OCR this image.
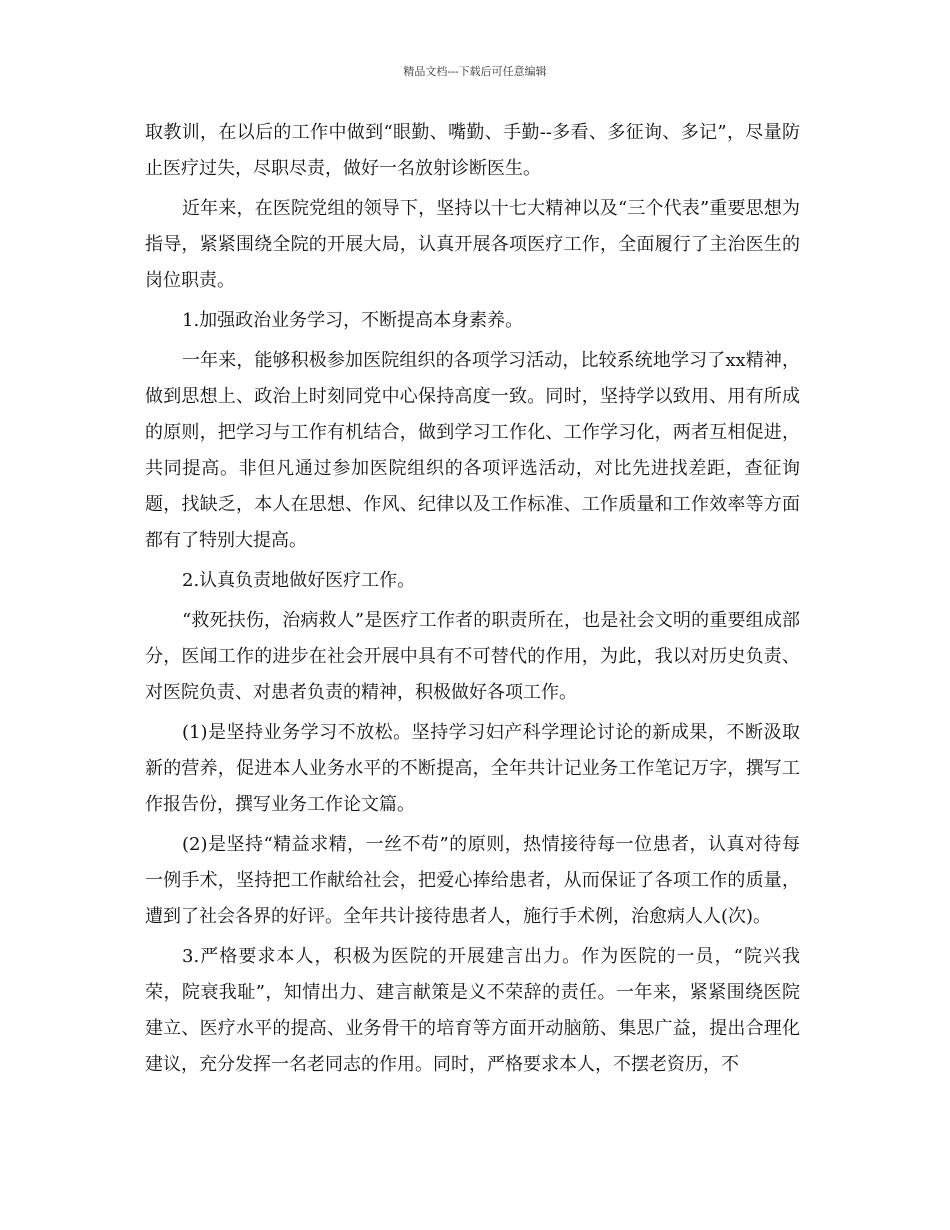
精品文档---下载后可任意编辑

取教训，在以后的工作中做到“眼勤、嘴勤、手勤--多看、多征询、多记”，尽量防止医疗过失，尽职尽责，做好一名放射诊断医生。

近年来，在医院党组的领导下，坚持以十七大精神以及“三个代表”重要思想为指导，紧紧围绕全院的开展大局，认真开展各项医疗工作，全面履行了主治医生的岗位职责。

1.加强政治业务学习，不断提高本身素养。

一年来，能够积极参加医院组织的各项学习活动，比较系统地学习了xx精神，做到思想上、政治上时刻同党中心保持高度一致。同时，坚持学以致用、用有所成的原则，把学习与工作有机结合，做到学习工作化、工作学习化，两者互相促进，共同提高。非但凡通过参加医院组织的各项评选活动，对比先进找差距，查征询题，找缺乏，本人在思想、作风、纪律以及工作标准、工作质量和工作效率等方面都有了特别大提高。

2.认真负责地做好医疗工作。

“救死扶伤，治病救人”是医疗工作者的职责所在，也是社会文明的重要组成部分，医闻工作的进步在社会开展中具有不可替代的作用，为此，我以对历史负责、对医院负责、对患者负责的精神，积极做好各项工作。

(1)是坚持业务学习不放松。坚持学习妇产科学理论讨论的新成果，不断汲取新的营养，促进本人业务水平的不断提高，全年共计记业务工作笔记万字，撰写工作报告份，撰写业务工作论文篇。

(2)是坚持“精益求精，一丝不苟”的原则，热情接待每一位患者，认真对待每一例手术，坚持把工作献给社会，把爱心捧给患者，从而保证了各项工作的质量，遭到了社会各界的好评。全年共计接待患者人，施行手术例，治愈病人人(次)。

3.严格要求本人，积极为医院的开展建言出力。作为医院的一员，“院兴我荣，院衰我耻”，知情出力、建言献策是义不荣辞的责任。一年来，紧紧围绕医院建立、医疗水平的提高、业务骨干的培育等方面开动脑筋、集思广益，提出合理化建议，充分发挥一名老同志的作用。同时，严格要求本人，不摆老资历，不
